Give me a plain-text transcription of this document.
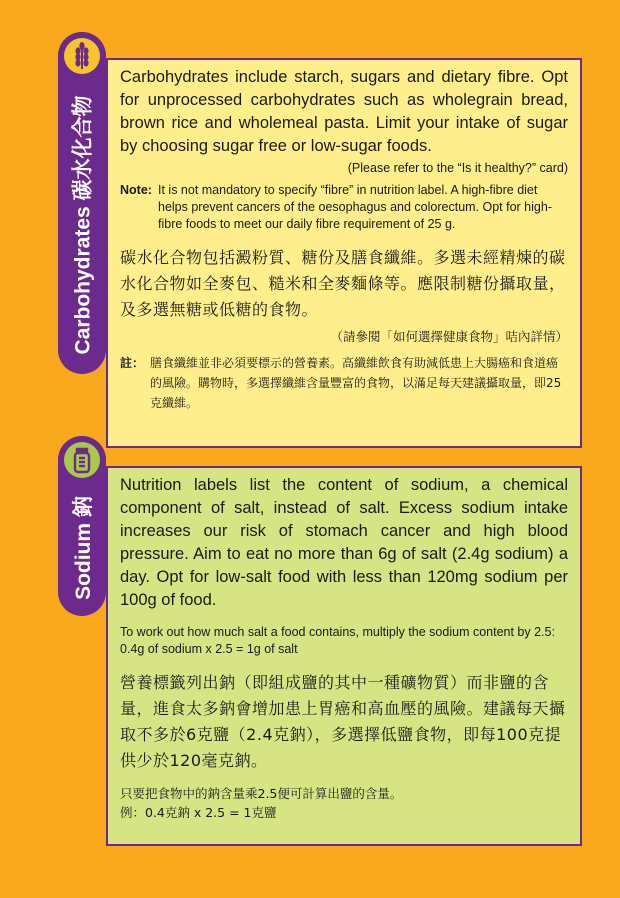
Carbohydrates 碳水化合物

Carbohydrates include starch, sugars and dietary fibre. Opt for unprocessed carbohydrates such as wholegrain bread, brown rice and wholemeal pasta. Limit your intake of sugar by choosing sugar free or low-sugar foods.

(Please refer to the “Is it healthy?” card)

Note: It is not mandatory to specify “fibre” in nutrition label. A high-fibre diet helps prevent cancers of the oesophagus and colorectum. Opt for high-fibre foods to meet our daily fibre requirement of 25 g.

碳水化合物包括澱粉質、糖份及膳食纖維。多選未經精煉的碳水化合物如全麥包、糙米和全麥麵條等。應限制糖份攝取量，及多選無糖或低糖的食物。

（請參閱「如何選擇健康食物」咭內詳情）

註： 膳食纖維並非必須要標示的營養素。高纖維飲食有助減低患上大腸癌和食道癌的風險。購物時，多選擇纖維含量豐富的食物，以滿足每天建議攝取量，即25克纖維。
Sodium 鈉

Nutrition labels list the content of sodium, a chemical component of salt, instead of salt. Excess sodium intake increases our risk of stomach cancer and high blood pressure. Aim to eat no more than 6g of salt (2.4g sodium) a day. Opt for low-salt food with less than 120mg sodium per 100g of food.

To work out how much salt a food contains, multiply the sodium content by 2.5: 0.4g of sodium x 2.5 = 1g of salt

營養標籤列出鈉（即組成鹽的其中一種礦物質）而非鹽的含量，進食太多鈉會增加患上胃癌和高血壓的風險。建議每天攝取不多於6克鹽（2.4克鈉），多選擇低鹽食物，即每100克提供少於120毫克鈉。

只要把食物中的鈉含量乘2.5便可計算出鹽的含量。

例：0.4克鈉 x 2.5 = 1克鹽
